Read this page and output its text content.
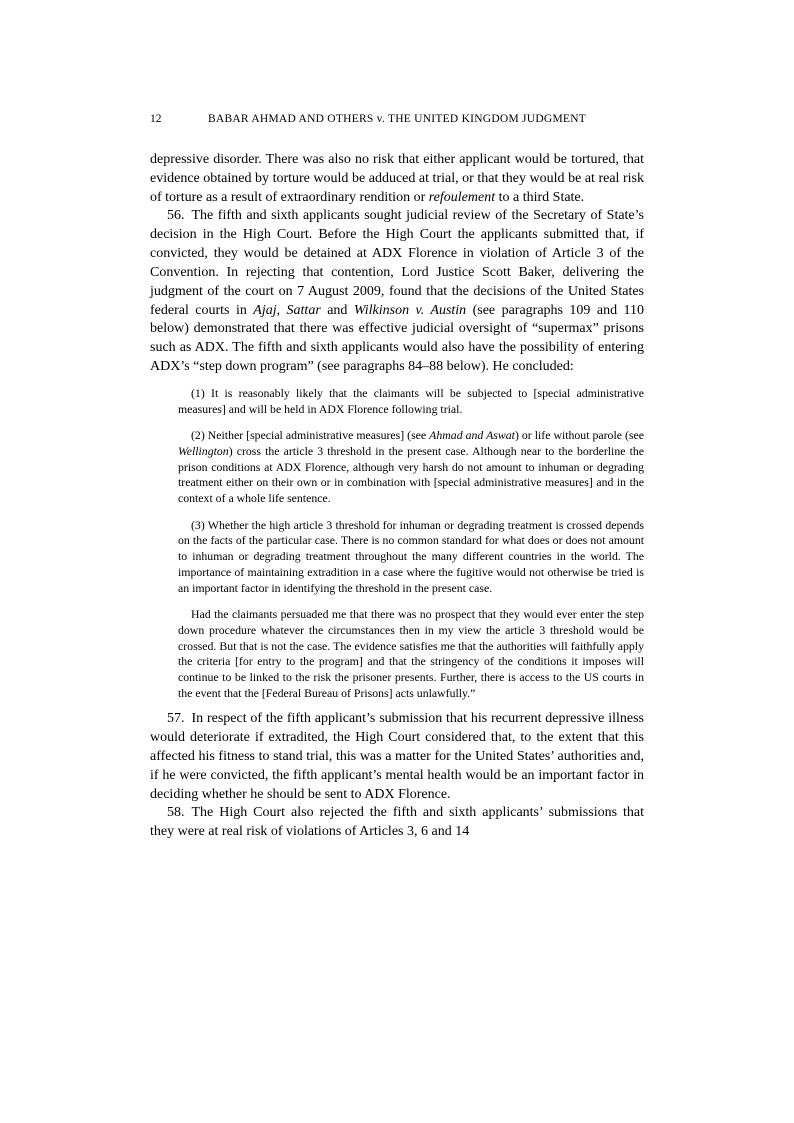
12	BABAR AHMAD AND OTHERS v. THE UNITED KINGDOM JUDGMENT

depressive disorder. There was also no risk that either applicant would be tortured, that evidence obtained by torture would be adduced at trial, or that they would be at real risk of torture as a result of extraordinary rendition or refoulement to a third State.

56. The fifth and sixth applicants sought judicial review of the Secretary of State’s decision in the High Court. Before the High Court the applicants submitted that, if convicted, they would be detained at ADX Florence in violation of Article 3 of the Convention. In rejecting that contention, Lord Justice Scott Baker, delivering the judgment of the court on 7 August 2009, found that the decisions of the United States federal courts in Ajaj, Sattar and Wilkinson v. Austin (see paragraphs 109 and 110 below) demonstrated that there was effective judicial oversight of “supermax” prisons such as ADX. The fifth and sixth applicants would also have the possibility of entering ADX’s “step down program” (see paragraphs 84–88 below). He concluded:

(1) It is reasonably likely that the claimants will be subjected to [special administrative measures] and will be held in ADX Florence following trial.

(2) Neither [special administrative measures] (see Ahmad and Aswat) or life without parole (see Wellington) cross the article 3 threshold in the present case. Although near to the borderline the prison conditions at ADX Florence, although very harsh do not amount to inhuman or degrading treatment either on their own or in combination with [special administrative measures] and in the context of a whole life sentence.

(3) Whether the high article 3 threshold for inhuman or degrading treatment is crossed depends on the facts of the particular case. There is no common standard for what does or does not amount to inhuman or degrading treatment throughout the many different countries in the world. The importance of maintaining extradition in a case where the fugitive would not otherwise be tried is an important factor in identifying the threshold in the present case.

Had the claimants persuaded me that there was no prospect that they would ever enter the step down procedure whatever the circumstances then in my view the article 3 threshold would be crossed. But that is not the case. The evidence satisfies me that the authorities will faithfully apply the criteria [for entry to the program] and that the stringency of the conditions it imposes will continue to be linked to the risk the prisoner presents. Further, there is access to the US courts in the event that the [Federal Bureau of Prisons] acts unlawfully.”

57. In respect of the fifth applicant’s submission that his recurrent depressive illness would deteriorate if extradited, the High Court considered that, to the extent that this affected his fitness to stand trial, this was a matter for the United States’ authorities and, if he were convicted, the fifth applicant’s mental health would be an important factor in deciding whether he should be sent to ADX Florence.

58. The High Court also rejected the fifth and sixth applicants’ submissions that they were at real risk of violations of Articles 3, 6 and 14
